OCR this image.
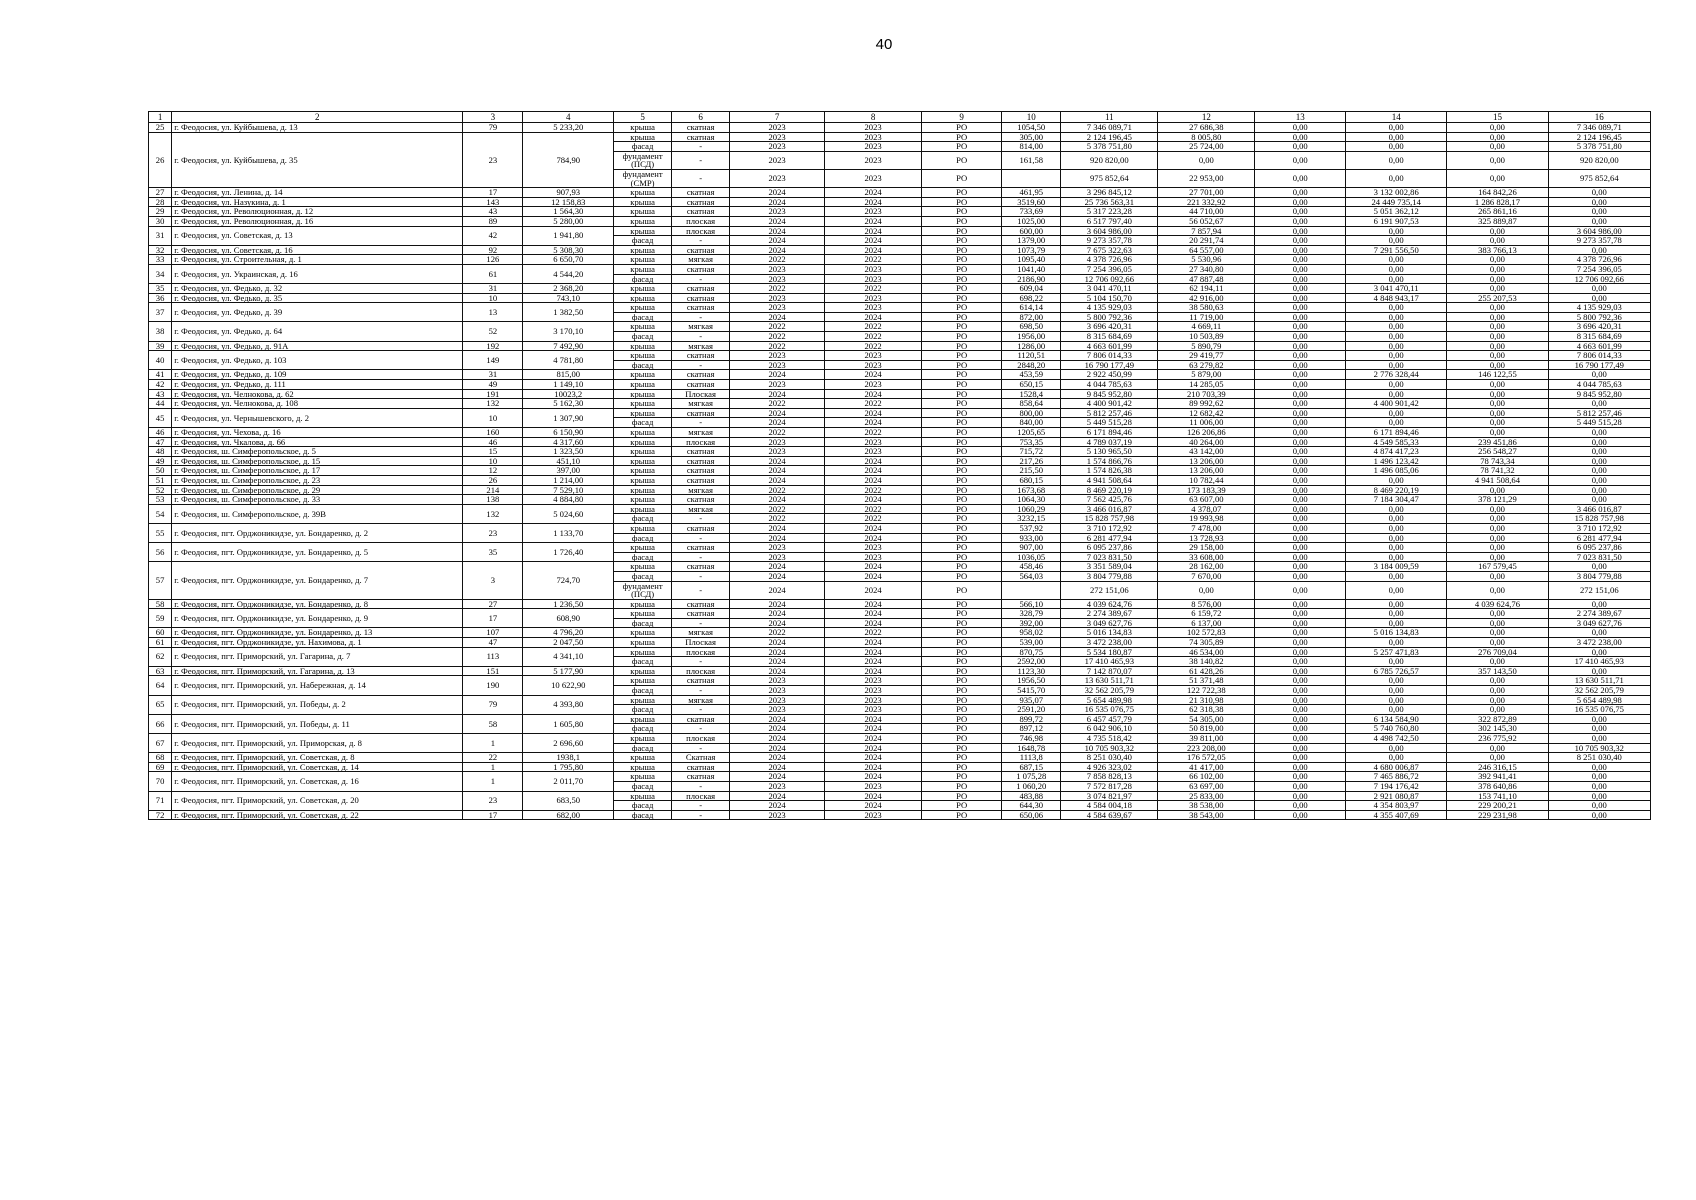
40
1	2	3	4	5	6	7	8	9	10	11	12	13	14	15	16
25	г. Феодосия, ул. Куйбышева, д. 13	79	5 233,20	крыша	скатная	2023	2023	РО	1054,50	7 346 089,71	27 686,38	0,00	0,00	0,00	7 346 089,71
26	г. Феодосия, ул. Куйбышева, д. 35	23	784,90	крыша	скатная	2023	2023	РО	305,00	2 124 196,45	8 005,80	0,00	0,00	0,00	2 124 196,45
				фасад	-	2023	2023	РО	814,00	5 378 751,80	25 724,00	0,00	0,00	0,00	5 378 751,80
				фундамент (ПСД)	-	2023	2023	РО	161,58	920 820,00	0,00	0,00	0,00	0,00	920 820,00
				фундамент (СМР)	-	2023	2023	РО		975 852,64	22 953,00	0,00	0,00	0,00	975 852,64
27	г. Феодосия, ул. Ленина, д. 14	17	907,93	крыша	скатная	2024	2024	РО	461,95	3 296 845,12	27 701,00	0,00	3 132 002,86	164 842,26	0,00
28	г. Феодосия, ул. Назукина, д. 1	143	12 158,83	крыша	скатная	2024	2024	РО	3519,60	25 736 563,31	221 332,92	0,00	24 449 735,14	1 286 828,17	0,00
29	г. Феодосия, ул. Революционная, д. 12	43	1 564,30	крыша	скатная	2023	2023	РО	733,69	5 317 223,28	44 710,00	0,00	5 051 362,12	265 861,16	0,00
30	г. Феодосия, ул. Революционная, д. 16	89	5 280,00	крыша	плоская	2024	2024	РО	1025,00	6 517 797,40	56 052,67	0,00	6 191 907,53	325 889,87	0,00
31	г. Феодосия, ул. Советская, д. 13	42	1 941,80	крыша	плоская	2024	2024	РО	600,00	3 604 986,00	7 857,94	0,00	0,00	0,00	3 604 986,00
				фасад	-	2024	2024	РО	1379,00	9 273 357,78	20 291,74	0,00	0,00	0,00	9 273 357,78
32	г. Феодосия, ул. Советская, д. 16	92	5 308,30	крыша	скатная	2024	2024	РО	1073,79	7 675 322,63	64 557,00	0,00	7 291 556,50	383 766,13	0,00
33	г. Феодосия, ул. Строительная, д. 1	126	6 650,70	крыша	мягкая	2022	2022	РО	1095,40	4 378 726,96	5 530,96	0,00	0,00	0,00	4 378 726,96
34	г. Феодосия, ул. Украинская, д. 16	61	4 544,20	крыша	скатная	2023	2023	РО	1041,40	7 254 396,05	27 340,80	0,00	0,00	0,00	7 254 396,05
				фасад	-	2023	2023	РО	2186,90	12 706 092,66	47 887,48	0,00	0,00	0,00	12 706 092,66
35	г. Феодосия, ул. Федько, д. 32	31	2 368,20	крыша	скатная	2022	2022	РО	609,04	3 041 470,11	62 194,11	0,00	3 041 470,11	0,00	0,00
36	г. Феодосия, ул. Федько, д. 35	10	743,10	крыша	скатная	2023	2023	РО	698,22	5 104 150,70	42 916,00	0,00	4 848 943,17	255 207,53	0,00
37	г. Феодосия, ул. Федько, д. 39	13	1 382,50	крыша	скатная	2023	2023	РО	614,14	4 135 929,03	38 580,63	0,00	0,00	0,00	4 135 929,03
				фасад	-	2024	2024	РО	872,00	5 800 792,36	11 719,00	0,00	0,00	0,00	5 800 792,36
38	г. Феодосия, ул. Федько, д. 64	52	3 170,10	крыша	мягкая	2022	2022	РО	698,50	3 696 420,31	4 669,11	0,00	0,00	0,00	3 696 420,31
				фасад	-	2022	2022	РО	1956,00	8 315 684,69	10 503,89	0,00	0,00	0,00	8 315 684,69
39	г. Феодосия, ул. Федько, д. 91А	192	7 492,90	крыша	мягкая	2022	2022	РО	1286,00	4 663 601,99	5 890,79	0,00	0,00	0,00	4 663 601,99
40	г. Феодосия, ул. Федько, д. 103	149	4 781,80	крыша	скатная	2023	2023	РО	1120,51	7 806 014,33	29 419,77	0,00	0,00	0,00	7 806 014,33
				фасад	-	2023	2023	РО	2848,20	16 790 177,49	63 279,82	0,00	0,00	0,00	16 790 177,49
41	г. Феодосия, ул. Федько, д. 109	31	815,00	крыша	скатная	2024	2024	РО	453,59	2 922 450,99	5 879,00	0,00	2 776 328,44	146 122,55	0,00
42	г. Феодосия, ул. Федько, д. 111	49	1 149,10	крыша	скатная	2023	2023	РО	650,15	4 044 785,63	14 285,05	0,00	0,00	0,00	4 044 785,63
43	г. Феодосия, ул. Челнокова, д. 62	191	10023,2	крыша	Плоская	2024	2024	РО	1528,4	9 845 952,80	210 703,39	0,00	0,00	0,00	9 845 952,80
44	г. Феодосия, ул. Челнокова, д. 108	132	5 162,30	крыша	мягкая	2022	2022	РО	858,64	4 400 901,42	89 992,62	0,00	4 400 901,42	0,00	0,00
45	г. Феодосия, ул. Чернышевского, д. 2	10	1 307,90	крыша	скатная	2024	2024	РО	800,00	5 812 257,46	12 682,42	0,00	0,00	0,00	5 812 257,46
				фасад	-	2024	2024	РО	840,00	5 449 515,28	11 006,00	0,00	0,00	0,00	5 449 515,28
46	г. Феодосия, ул. Чехова, д. 16	160	6 150,90	крыша	мягкая	2022	2022	РО	1205,65	6 171 894,46	126 206,86	0,00	6 171 894,46	0,00	0,00
47	г. Феодосия, ул. Чкалова, д. 66	46	4 317,60	крыша	плоская	2023	2023	РО	753,35	4 789 037,19	40 264,00	0,00	4 549 585,33	239 451,86	0,00
48	г. Феодосия, ш. Симферопольское, д. 5	15	1 323,50	крыша	скатная	2023	2023	РО	715,72	5 130 965,50	43 142,00	0,00	4 874 417,23	256 548,27	0,00
49	г. Феодосия, ш. Симферопольское, д. 15	10	451,10	крыша	скатная	2024	2024	РО	217,26	1 574 866,76	13 206,00	0,00	1 496 123,42	78 743,34	0,00
50	г. Феодосия, ш. Симферопольское, д. 17	12	397,00	крыша	скатная	2024	2024	РО	215,50	1 574 826,38	13 206,00	0,00	1 496 085,06	78 741,32	0,00
51	г. Феодосия, ш. Симферопольское, д. 23	26	1 214,00	крыша	скатная	2024	2024	РО	680,15	4 941 508,64	10 782,44	0,00	0,00	4 941 508,64	0,00
52	г. Феодосия, ш. Симферопольское, д. 29	214	7 529,10	крыша	мягкая	2022	2022	РО	1673,68	8 469 220,19	173 183,39	0,00	8 469 220,19	0,00	0,00
53	г. Феодосия, ш. Симферопольское, д. 33	138	4 884,80	крыша	скатная	2024	2024	РО	1064,30	7 562 425,76	63 607,00	0,00	7 184 304,47	378 121,29	0,00
54	г. Феодосия, ш. Симферопольское, д. 39В	132	5 024,60	крыша	мягкая	2022	2022	РО	1060,29	3 466 016,87	4 378,07	0,00	0,00	0,00	3 466 016,87
				фасад	-	2022	2022	РО	3232,15	15 828 757,98	19 993,98	0,00	0,00	0,00	15 828 757,98
55	г. Феодосия, пгт. Орджоникидзе, ул. Бондаренко, д. 2	23	1 133,70	крыша	скатная	2024	2024	РО	537,92	3 710 172,92	7 478,00	0,00	0,00	0,00	3 710 172,92
				фасад	-	2024	2024	РО	933,00	6 281 477,94	13 728,93	0,00	0,00	0,00	6 281 477,94
56	г. Феодосия, пгт. Орджоникидзе, ул. Бондаренко, д. 5	35	1 726,40	крыша	скатная	2023	2023	РО	907,00	6 095 237,86	29 158,00	0,00	0,00	0,00	6 095 237,86
				фасад	-	2023	2023	РО	1036,05	7 023 831,50	33 608,00	0,00	0,00	0,00	7 023 831,50
57	г. Феодосия, пгт. Орджоникидзе, ул. Бондаренко, д. 7	3	724,70	крыша	скатная	2024	2024	РО	458,46	3 351 589,04	28 162,00	0,00	3 184 009,59	167 579,45	0,00
				фасад	-	2024	2024	РО	564,03	3 804 779,88	7 670,00	0,00	0,00	0,00	3 804 779,88
				фундамент (ПСД)	-	2024	2024	РО		272 151,06	0,00	0,00	0,00	0,00	272 151,06
58	г. Феодосия, пгт. Орджоникидзе, ул. Бондаренко, д. 8	27	1 236,50	крыша	скатная	2024	2024	РО	566,10	4 039 624,76	8 576,00	0,00	0,00	4 039 624,76	0,00
59	г. Феодосия, пгт. Орджоникидзе, ул. Бондаренко, д. 9	17	608,90	крыша	скатная	2024	2024	РО	328,79	2 274 389,67	6 159,72	0,00	0,00	0,00	2 274 389,67
				фасад	-	2024	2024	РО	392,00	3 049 627,76	6 137,00	0,00	0,00	0,00	3 049 627,76
60	г. Феодосия, пгт. Орджоникидзе, ул. Бондаренко, д. 13	107	4 796,20	крыша	мягкая	2022	2022	РО	958,02	5 016 134,83	102 572,83	0,00	5 016 134,83	0,00	0,00
61	г. Феодосия, пгт. Орджоникидзе, ул. Нахимова, д. 1	47	2 047,50	крыша	Плоская	2024	2024	РО	539,00	3 472 238,00	74 305,89	0,00	0,00	0,00	3 472 238,00
62	г. Феодосия, пгт. Приморский, ул. Гагарина, д. 7	113	4 341,10	крыша	плоская	2024	2024	РО	870,75	5 534 180,87	46 534,00	0,00	5 257 471,83	276 709,04	0,00
				фасад	-	2024	2024	РО	2592,00	17 410 465,93	38 140,82	0,00	0,00	0,00	17 410 465,93
63	г. Феодосия, пгт. Приморский, ул. Гагарина, д. 13	151	5 177,90	крыша	плоская	2024	2024	РО	1123,30	7 142 870,07	61 428,26	0,00	6 785 726,57	357 143,50	0,00
64	г. Феодосия, пгт. Приморский, ул. Набережная, д. 14	190	10 622,90	крыша	скатная	2023	2023	РО	1956,50	13 630 511,71	51 371,48	0,00	0,00	0,00	13 630 511,71
				фасад	-	2023	2023	РО	5415,70	32 562 205,79	122 722,38	0,00	0,00	0,00	32 562 205,79
65	г. Феодосия, пгт. Приморский, ул. Победы, д. 2	79	4 393,80	крыша	мягкая	2023	2023	РО	935,07	5 654 489,98	21 310,98	0,00	0,00	0,00	5 654 489,98
				фасад	-	2023	2023	РО	2591,20	16 535 076,75	62 318,38	0,00	0,00	0,00	16 535 076,75
66	г. Феодосия, пгт. Приморский, ул. Победы, д. 11	58	1 605,80	крыша	скатная	2024	2024	РО	899,72	6 457 457,79	54 305,00	0,00	6 134 584,90	322 872,89	0,00
				фасад	-	2024	2024	РО	897,12	6 042 906,10	50 819,00	0,00	5 740 760,80	302 145,30	0,00
67	г. Феодосия, пгт. Приморский, ул. Приморская, д. 8	1	2 696,60	крыша	плоская	2024	2024	РО	746,98	4 735 518,42	39 811,00	0,00	4 498 742,50	236 775,92	0,00
				фасад	-	2024	2024	РО	1648,78	10 705 903,32	223 208,00	0,00	0,00	0,00	10 705 903,32
68	г. Феодосия, пгт. Приморский, ул. Советская, д. 8	22	1938,1	крыша	Скатная	2024	2024	РО	1113,8	8 251 030,40	176 572,05	0,00	0,00	0,00	8 251 030,40
69	г. Феодосия, пгт. Приморский, ул. Советская, д. 14	1	1 795,80	крыша	скатная	2024	2024	РО	687,15	4 926 323,02	41 417,00	0,00	4 680 006,87	246 316,15	0,00
70	г. Феодосия, пгт. Приморский, ул. Советская, д. 16	1	2 011,70	крыша	скатная	2024	2024	РО	1 075,28	7 858 828,13	66 102,00	0,00	7 465 886,72	392 941,41	0,00
				фасад	-	2023	2023	РО	1 060,20	7 572 817,28	63 697,00	0,00	7 194 176,42	378 640,86	0,00
71	г. Феодосия, пгт. Приморский, ул. Советская, д. 20	23	683,50	крыша	плоская	2024	2024	РО	483,88	3 074 821,97	25 833,00	0,00	2 921 080,87	153 741,10	0,00
				фасад	-	2024	2024	РО	644,30	4 584 004,18	38 538,00	0,00	4 354 803,97	229 200,21	0,00
72	г. Феодосия, пгт. Приморский, ул. Советская, д. 22	17	682,00	фасад	-	2023	2023	РО	650,06	4 584 639,67	38 543,00	0,00	4 355 407,69	229 231,98	0,00
